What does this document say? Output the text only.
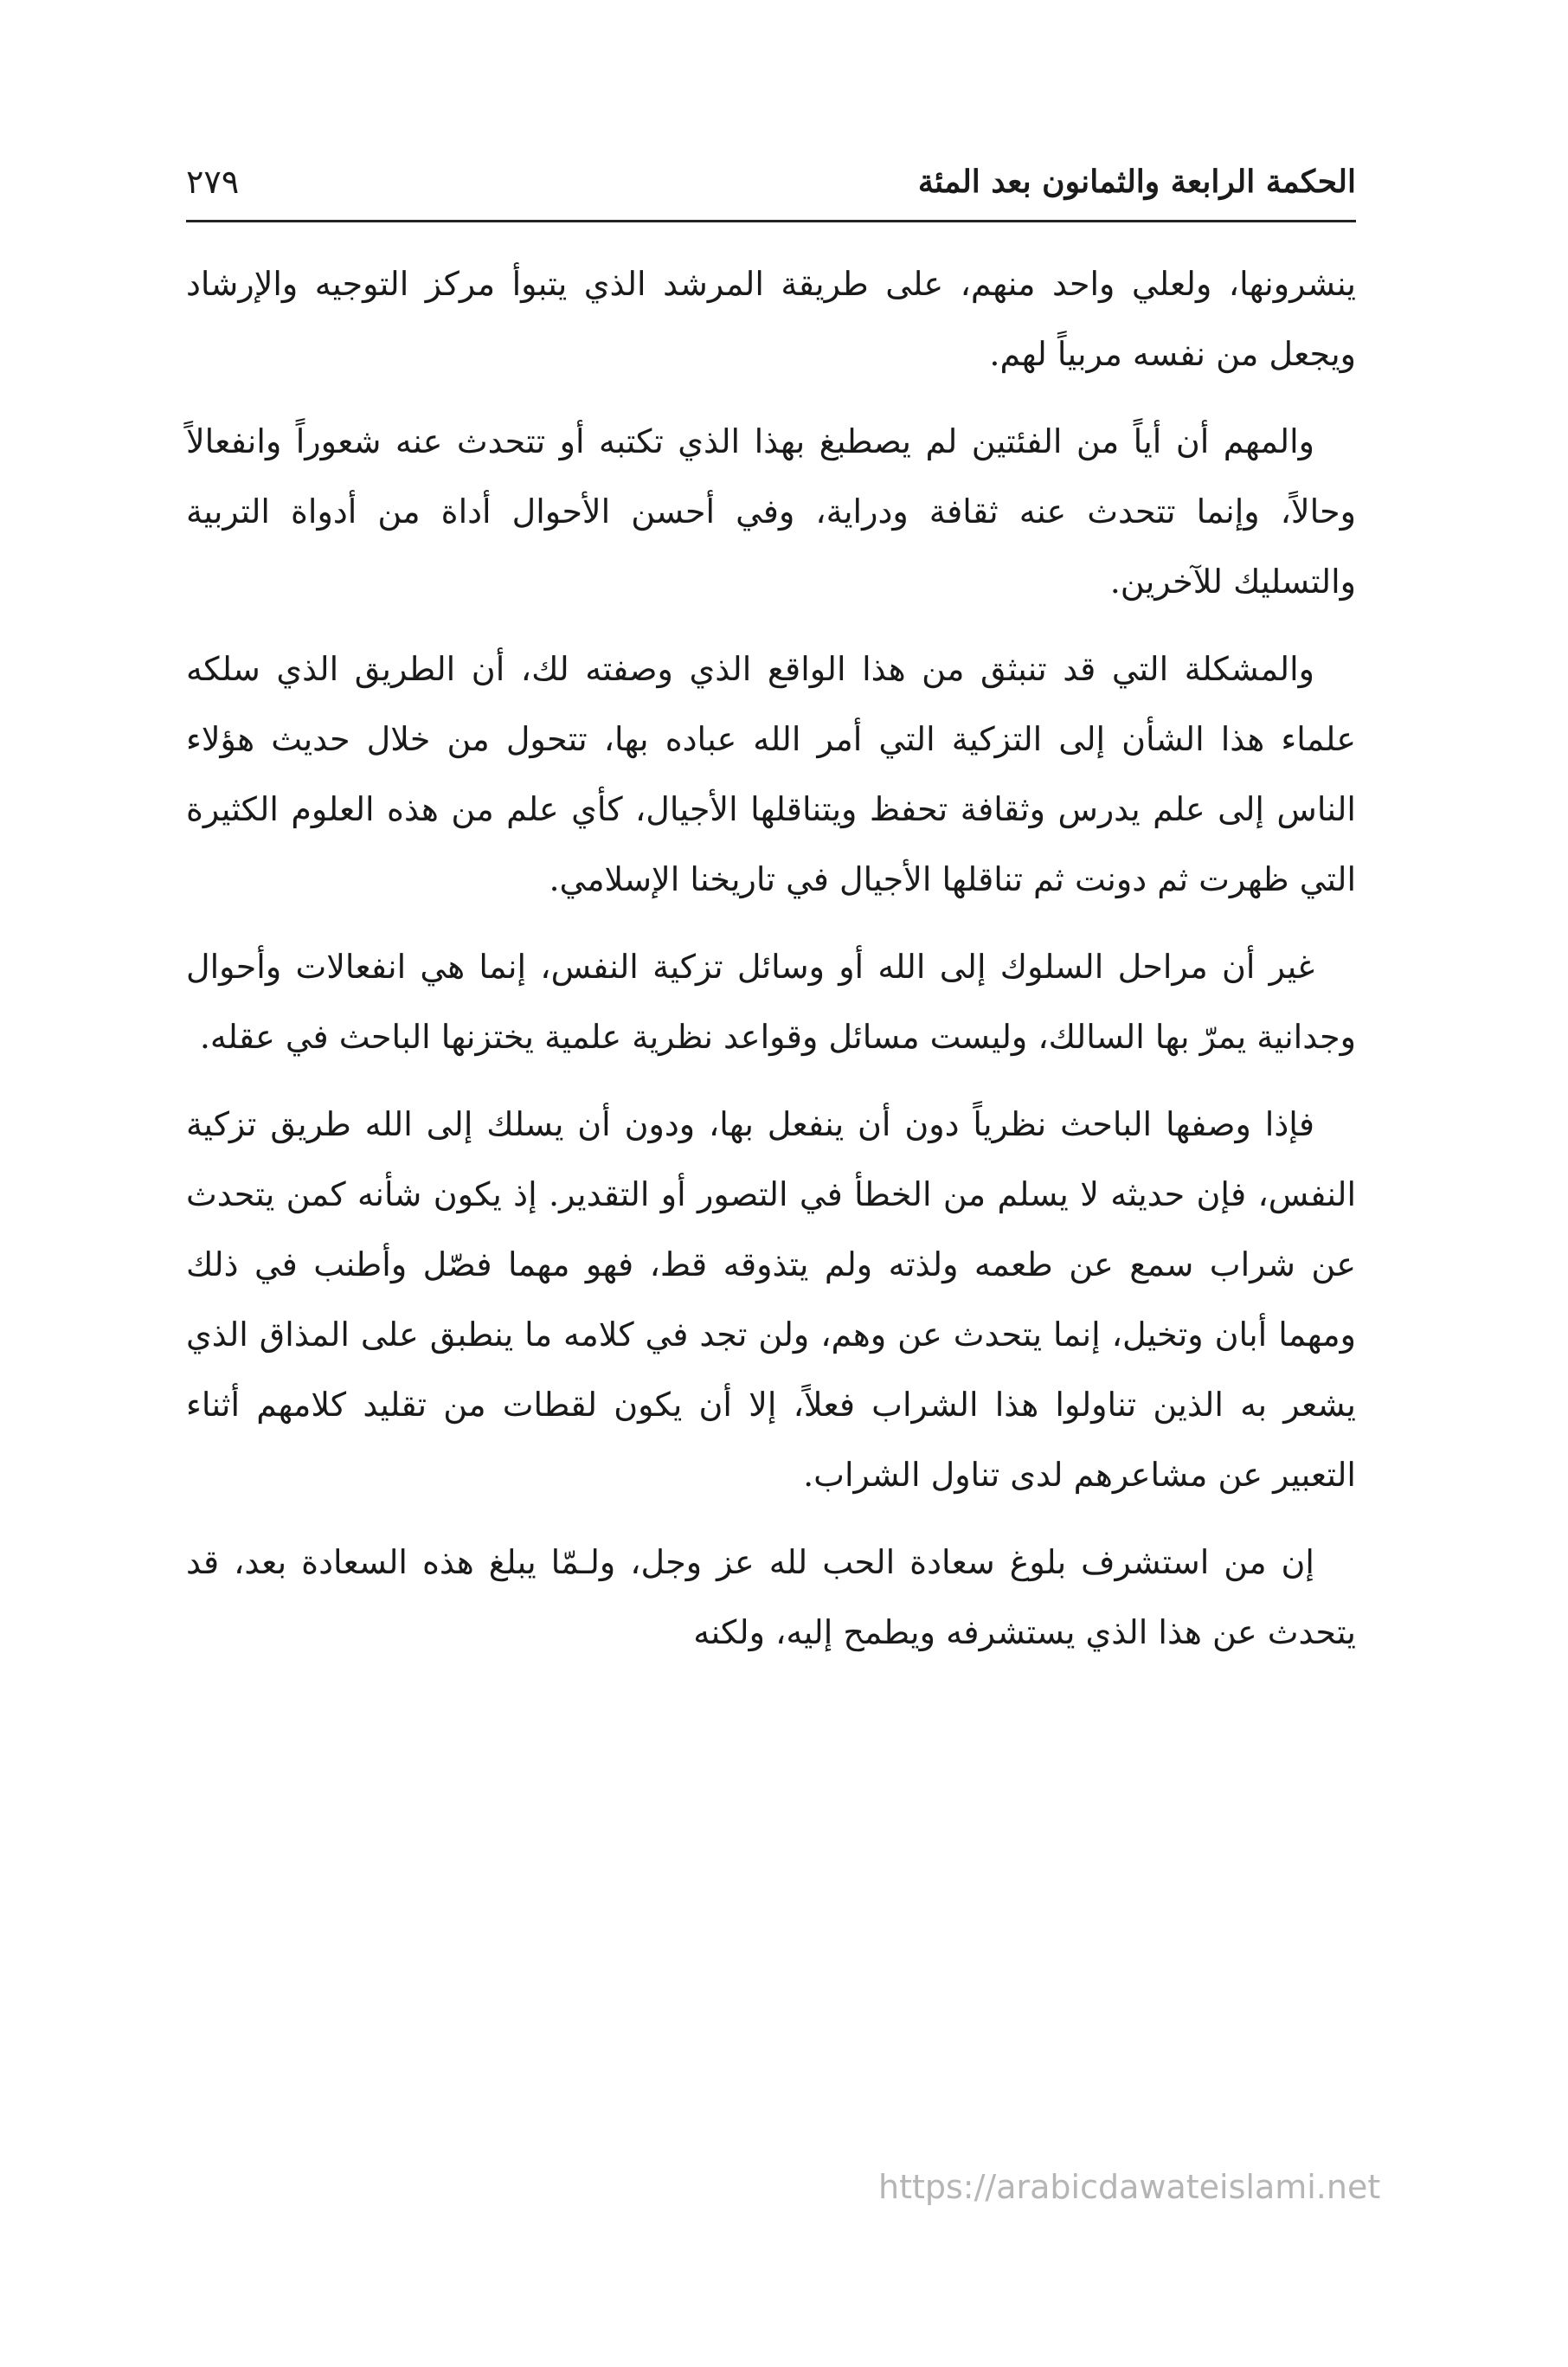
الحكمة الرابعة والثمانون بعد المئة
٢٧٩

ينشرونها، ولعلي واحد منهم، على طريقة المرشد الذي يتبوأ مركز التوجيه والإرشاد ويجعل من نفسه مربياً لهم.

والمهم أن أياً من الفئتين لم يصطبغ بهذا الذي تكتبه أو تتحدث عنه شعوراً وانفعالاً وحالاً، وإنما تتحدث عنه ثقافة ودراية، وفي أحسن الأحوال أداة من أدواة التربية والتسليك للآخرين.

والمشكلة التي قد تنبثق من هذا الواقع الذي وصفته لك، أن الطريق الذي سلكه علماء هذا الشأن إلى التزكية التي أمر الله عباده بها، تتحول من خلال حديث هؤلاء الناس إلى علم يدرس وثقافة تحفظ ويتناقلها الأجيال، كأي علم من هذه العلوم الكثيرة التي ظهرت ثم دونت ثم تناقلها الأجيال في تاريخنا الإسلامي.

غير أن مراحل السلوك إلى الله أو وسائل تزكية النفس، إنما هي انفعالات وأحوال وجدانية يمرّ بها السالك، وليست مسائل وقواعد نظرية علمية يختزنها الباحث في عقله.

فإذا وصفها الباحث نظرياً دون أن ينفعل بها، ودون أن يسلك إلى الله طريق تزكية النفس، فإن حديثه لا يسلم من الخطأ في التصور أو التقدير. إذ يكون شأنه كمن يتحدث عن شراب سمع عن طعمه ولذته ولم يتذوقه قط، فهو مهما فصّل وأطنب في ذلك ومهما أبان وتخيل، إنما يتحدث عن وهم، ولن تجد في كلامه ما ينطبق على المذاق الذي يشعر به الذين تناولوا هذا الشراب فعلاً، إلا أن يكون لقطات من تقليد كلامهم أثناء التعبير عن مشاعرهم لدى تناول الشراب.

إن من استشرف بلوغ سعادة الحب لله عز وجل، ولـمّا يبلغ هذه السعادة بعد، قد يتحدث عن هذا الذي يستشرفه ويطمح إليه، ولكنه

https://arabicdawateislami.net
